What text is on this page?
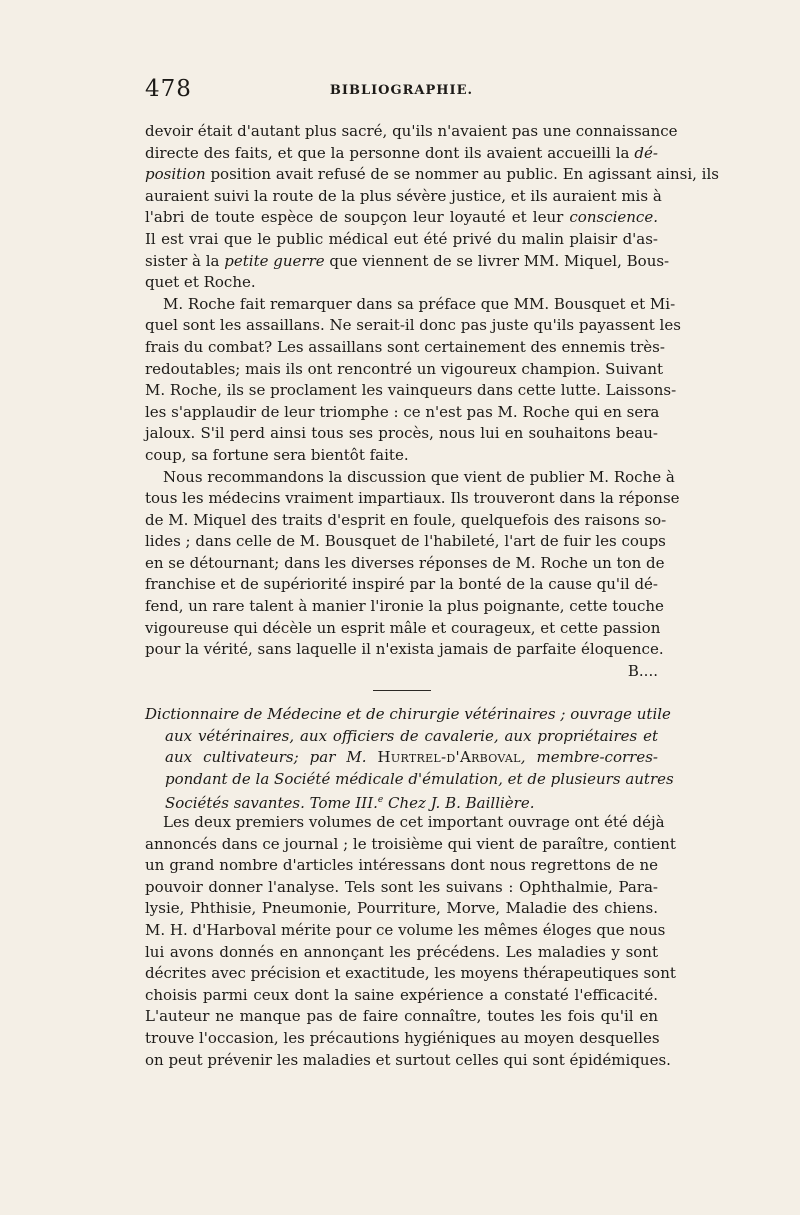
478	BIBLIOGRAPHIE.
devoir était d'autant plus sacré, qu'ils n'avaient pas une connaissance
directe des faits, et que la personne dont ils avaient accueilli la dé-
position position avait refusé de se nommer au public. En agissant ainsi, ils
auraient suivi la route de la plus sévère justice, et ils auraient mis à
l'abri de toute espèce de soupçon leur loyauté et leur conscience.
Il est vrai que le public médical eut été privé du malin plaisir d'as-
sister à la petite guerre que viennent de se livrer MM. Miquel, Bous-
quet et Roche.
M. Roche fait remarquer dans sa préface que MM. Bousquet et Mi-
quel sont les assaillans. Ne serait-il donc pas juste qu'ils payassent les
frais du combat? Les assaillans sont certainement des ennemis très-
redoutables; mais ils ont rencontré un vigoureux champion. Suivant
M. Roche, ils se proclament les vainqueurs dans cette lutte. Laissons-
les s'applaudir de leur triomphe : ce n'est pas M. Roche qui en sera
jaloux. S'il perd ainsi tous ses procès, nous lui en souhaitons beau-
coup, sa fortune sera bientôt faite.
Nous recommandons la discussion que vient de publier M. Roche à
tous les médecins vraiment impartiaux. Ils trouveront dans la réponse
de M. Miquel des traits d'esprit en foule, quelquefois des raisons so-
lides ; dans celle de M. Bousquet de l'habileté, l'art de fuir les coups
en se détournant; dans les diverses réponses de M. Roche un ton de
franchise et de supériorité inspiré par la bonté de la cause qu'il dé-
fend, un rare talent à manier l'ironie la plus poignante, cette touche
vigoureuse qui décèle un esprit mâle et courageux, et cette passion
pour la vérité, sans laquelle il n'exista jamais de parfaite éloquence.
B....
Dictionnaire de Médecine et de chirurgie vétérinaires ; ouvrage utile
aux vétérinaires, aux officiers de cavalerie, aux propriétaires et
aux cultivateurs; par M. Hurtrel-d'Arboval, membre-corres-
pondant de la Société médicale d'émulation, et de plusieurs autres
Sociétés savantes. Tome III.$^e$ Chez J. B. Baillière.
Les deux premiers volumes de cet important ouvrage ont été déjà
annoncés dans ce journal ; le troisième qui vient de paraître, contient
un grand nombre d'articles intéressans dont nous regrettons de ne
pouvoir donner l'analyse. Tels sont les suivans : Ophthalmie, Para-
lysie, Phthisie, Pneumonie, Pourriture, Morve, Maladie des chiens.
M. H. d'Harboval mérite pour ce volume les mêmes éloges que nous
lui avons donnés en annonçant les précédens. Les maladies y sont
décrites avec précision et exactitude, les moyens thérapeutiques sont
choisis parmi ceux dont la saine expérience a constaté l'efficacité.
L'auteur ne manque pas de faire connaître, toutes les fois qu'il en
trouve l'occasion, les précautions hygiéniques au moyen desquelles
on peut prévenir les maladies et surtout celles qui sont épidémiques.
